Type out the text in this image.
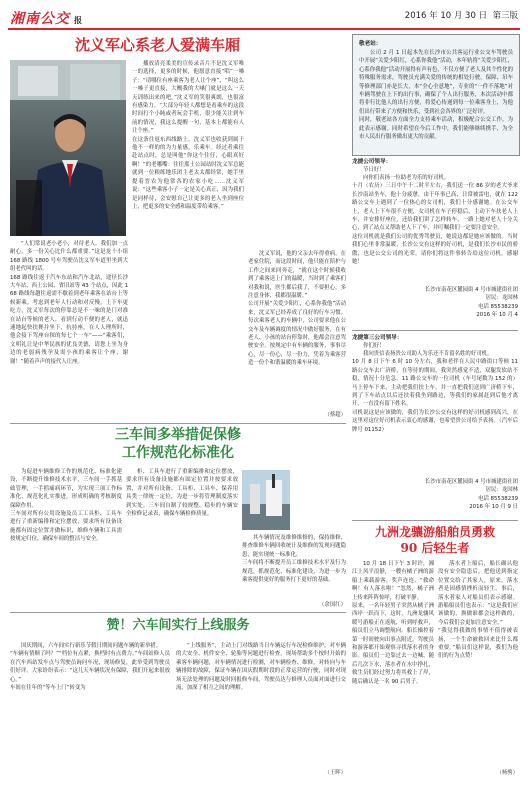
湘南公交 报	2016 年 10 月 30 日 第三版
沈义军心系老人爱满车厢
“人们常说老小老小，对待老人，我们加一点耐心，多一份关心比什么都重要。”这是龙十小组 168 路线 1800 号车驾驶员沈义军车道里坐到大组老代叫的话。
168 路线往返于汽车东站和汽车北站，途径长沙大车站、西土公园、省旧站等 43 个站点，因此 168 路线每趟往返需不歇着到老年乘客在站台上等候新乘。考虑到老年人行动和对反慢，上下车更吃力，沈义军每次的停靠总是不一味的是门对准在站台等候的老人，看到行动不便的老人，就迅速地起快扶搀并坐下，抗持座，在人人理所时，他会接下驾座台探的每七个一车“——“乘客们，文明礼让是中华民族的优良美德，请您上坐为身边的老弱病残孕及需小孩的乘客让个座，谢谢！”随着声声的接代人让座。
播放清亮柔美的宣传录音片不是沈义军唯一的选择，更多的时候，他愿意直接“唱”一嗓子：“请哪位有座乘客为老人让个座”、“叫这么一嗓子更直接，大概我的大嗓门就是这么一天天训练出来的吧。”沈义军的笑很爽朗，也很富有感染力。“大部分年轻人都想是看乘车的这段时间打个小盹或者玩会手机，很少能关注到车前的情况，我这么提醒一句，基本上都能有人让个座。”
在这条往返东西线路上，沈义军也收获到属于他不一样的的为力量感，乐乘车。经过者乘往赴站点时，总是叫他“你这个往仔，心眼真好啊！”的老哪嘴：往往那士公园站时沈义军总能就到一位粮练地乐团主老太太都经常，她手里提着晋农为他常各的农家小吃……沈义军说：“这些乘客小子一定是关心真正，因为我们是同样待，会安慰自己让更多的老人坐到座位上，把更多的安全感和温度带给乘客。”
沈义军说，他的父亲去年得重病，在老家住院，而这段时间，他只能在陪护与工作之间来回奔走，“就在这个时候我收到了乘客送上门的温暖，当时到了乘客们对我和说，医生都后我了，不要担心，多注意身体，我都很温暖。”
公司开展“关爱少阳红，心系你我他”活动来，沈义军已经养成了良好的行车习惯。每次乘客老人的车辆中，公司要求他在公交车及车辆调度的情况中做好服务，在有老人、小孩的站台停靠时，他都会注意驾驶安全。按规定中有车辆的服务，事事尽心，尽一份心，尽一份力，凭着为乘客营造一份个和谐温暖的乘车环境。
（蔡超）
三车间多举措促保修
工作规范化标准化
为促进车辆维修工作的规范化、标准化建设，不断提升维修技术水平，三车间一手抓基础管理，一手抓痛病环节，为实现三项工作标准化、规范化扎实推进，形成明确的考核制度保障作用。
三车间对所有公用设施及员工工具柜、工具车进行了重新编排和定位摆放，要求所有设备设施都有固定位置并做标识，维修车辆和工具需按规定归位，确保车间的整洁与安全。
柜、工具车进行了重新编排和定位摆放，要求所有设备设施都有固定位置并按要求放置，并对所有设备、工具柜、工具车、保养用具类一律统一定位，为进一步将管理制度落实到实处。三车间自制了较规整、稳步的车辆安全检修记录表，确保车辆检修质量。
其车辆情况及维修维修的，保持维修、排查维修车辆回收统计及维修的发现问题隐患，能实现统一标准化。
三车间将不断提升员工维修技术水平及行为规范，抓规范化、标准化建设，为进一步为乘客提供更好的服务打下更好的基础。
（余国红）
赞！六车间实行上线服务
国庆期间，六车间实行新乐节假日期间问题车辆的新举措。
“车辆有情顺了吗？”“档位有点紧，换档时有点费力。”车间站修人员在汽车西站发车点与驾驶员询问车况，现场修复，此举受到驾驶员们好评。大家纷纷表示：“这儿天车辆状况有保障，我们开起来很放心。”
车间在往年的“等车上门”转变为
“上线服务”，主动上门对线路当日车辆运行车况检修维护，对车辆的大安全、机件安全、轮胎等问题进行检查，现场帮助多个按时开始的乘客车辆问题，对车辆情况进行检测，对车辆检查、维修，对转向与车辆排除的故障，保证车辆在国庆假期时段的正常运营的行驶，同时对现场无法处理的问题及时回报修车间，驾驶员达与修理人员面对面进行交流，加深了相互之间的理解。
（王晖）
敬老站：
公司 2 月 1 日起本先在长沙市公共客运行业公交车驾驶员中开展“关爱少阳红，心系你我他”活动，本年轨将“关爱少阳红，心系你我他”活动开展得有声有色，不仅方便了老人及其个性化的特殊服务需求，驾驶员充满关爱的传统的相处行驶，保障、吊车等修理部门亦是长大，本“全心全意地”，专业的“一件不落地”对车辆驾驶在上下的出行事，确保了个人出行服务，本次活动中都将非行比他人的出行方便，将爱心传递到每一位乘客身上，为他们出行带来了方便和快乐，受到社会各界的广泛好评。
同时，敬老站各方面全力支持乘车活动，积极配合公交工作，为此表示感谢。同时希望在今后工作中，我们能够继续携手，为全市人民出行服务做出更大的贡献。
龙捷公司领导：
节日好！
向你们表扬一位助老为乐的好司机。
十月（农历）三日中午十二时半左右，我们送一位 86 岁的老大爷来长沙南站坐车，他十分疲惫，由于年事已高、日常被雷电，就在 122 路公交车上遇到了一位热心的女司机，我们十分感谢她。在公交车上，老人上下车很不方便，女司机在车子停稳后，主动下车扶老人上车，并安排好座位，还给我们讲了怎样转车，一路上她对老人十分关心，到了站点又帮助老人下了车，并叮嘱我们一定要注意安全。
这位司机就是我们公司的优秀驾驶员，她说这都是她应该做的。当时我们心里非常温暖，长沙公交有这样的好司机，是我们长沙市民的骄傲，也是公交公司的光荣。请你们将这件事转告给这位司机，感谢她！
长沙市南花区麓园街 4 号市城建街社团
居民：龙国林
电话 85538239
2016 年 10 月 4
龙捷第三公司领导：
你们好！
我向贵信表扬贵公司助人为乐还不肯留名姓的好司机。
10 月 8 日下午 6 时 10 分左右，我和老伴在人民中路街口等候 11 路公交车去广济桥，在等待的期间，我突然感觉不适，双腿发软站不稳，情况十分危急。11 路公交车的一位司机（车号尾数为 152 的）马上停车下来，主动把我们扶上车，并一直把我们送到广济桥下车，到了下车站点以后还扶着我坐到路边，等我们的家属赶到后他才离开，一直没有留下姓名。
司机说这是应该做的，我们为长沙公交有这样的好司机感到高兴，在这里对这位好司机表示衷心的感谢，也希望贵公司给予表扬。（汽车后牌号 01152）
长沙市南花区麓园街 4 号市城建街社团
居民：龙国林
电话 85538239
2016 年 10 月 9 日
九洲龙骧游船舶员勇救
90 后轻生者
10 月 18 日下午 3 时许，湘江上风平浪静，一艘有橘子洲的游船上乘载游客，奖声连连。“救命啊！有人落水啦！”忽然，橘子洲上传来阵阵惊呼，打破平静。
原来，一名年轻男子突然从橘子洲西岸一跃而下，这时，九洲龙骧风暖号游船正在返航，听到呼救声，船员们立马调整航向。船长操控着第一时间驶向出事点附近，驾驶员和游客都开始观察寻找落水者的身影。船员们一边靠过去一边喊，随后几次下水，落水者在水中挣扎，救生员们经过努力将其救上了岸，随后确认是一名 90 后男子。
落水者上船后，船长确认他没有安全隐患后，把他送到指定位置交给了其家人，原来，落水者是因感情挫折而轻生。事后，落水者家人对船员们表示感谢。游船船员们也表示：“这是我们应该做的，换做谁都会这样做的，今后我们会更加注意安全。”
“我觉得我做的事情不值得被表扬，一个生命被救回来比什么都重要。”船员们这样说，我们为他们的行为点赞！
（杨骋）
